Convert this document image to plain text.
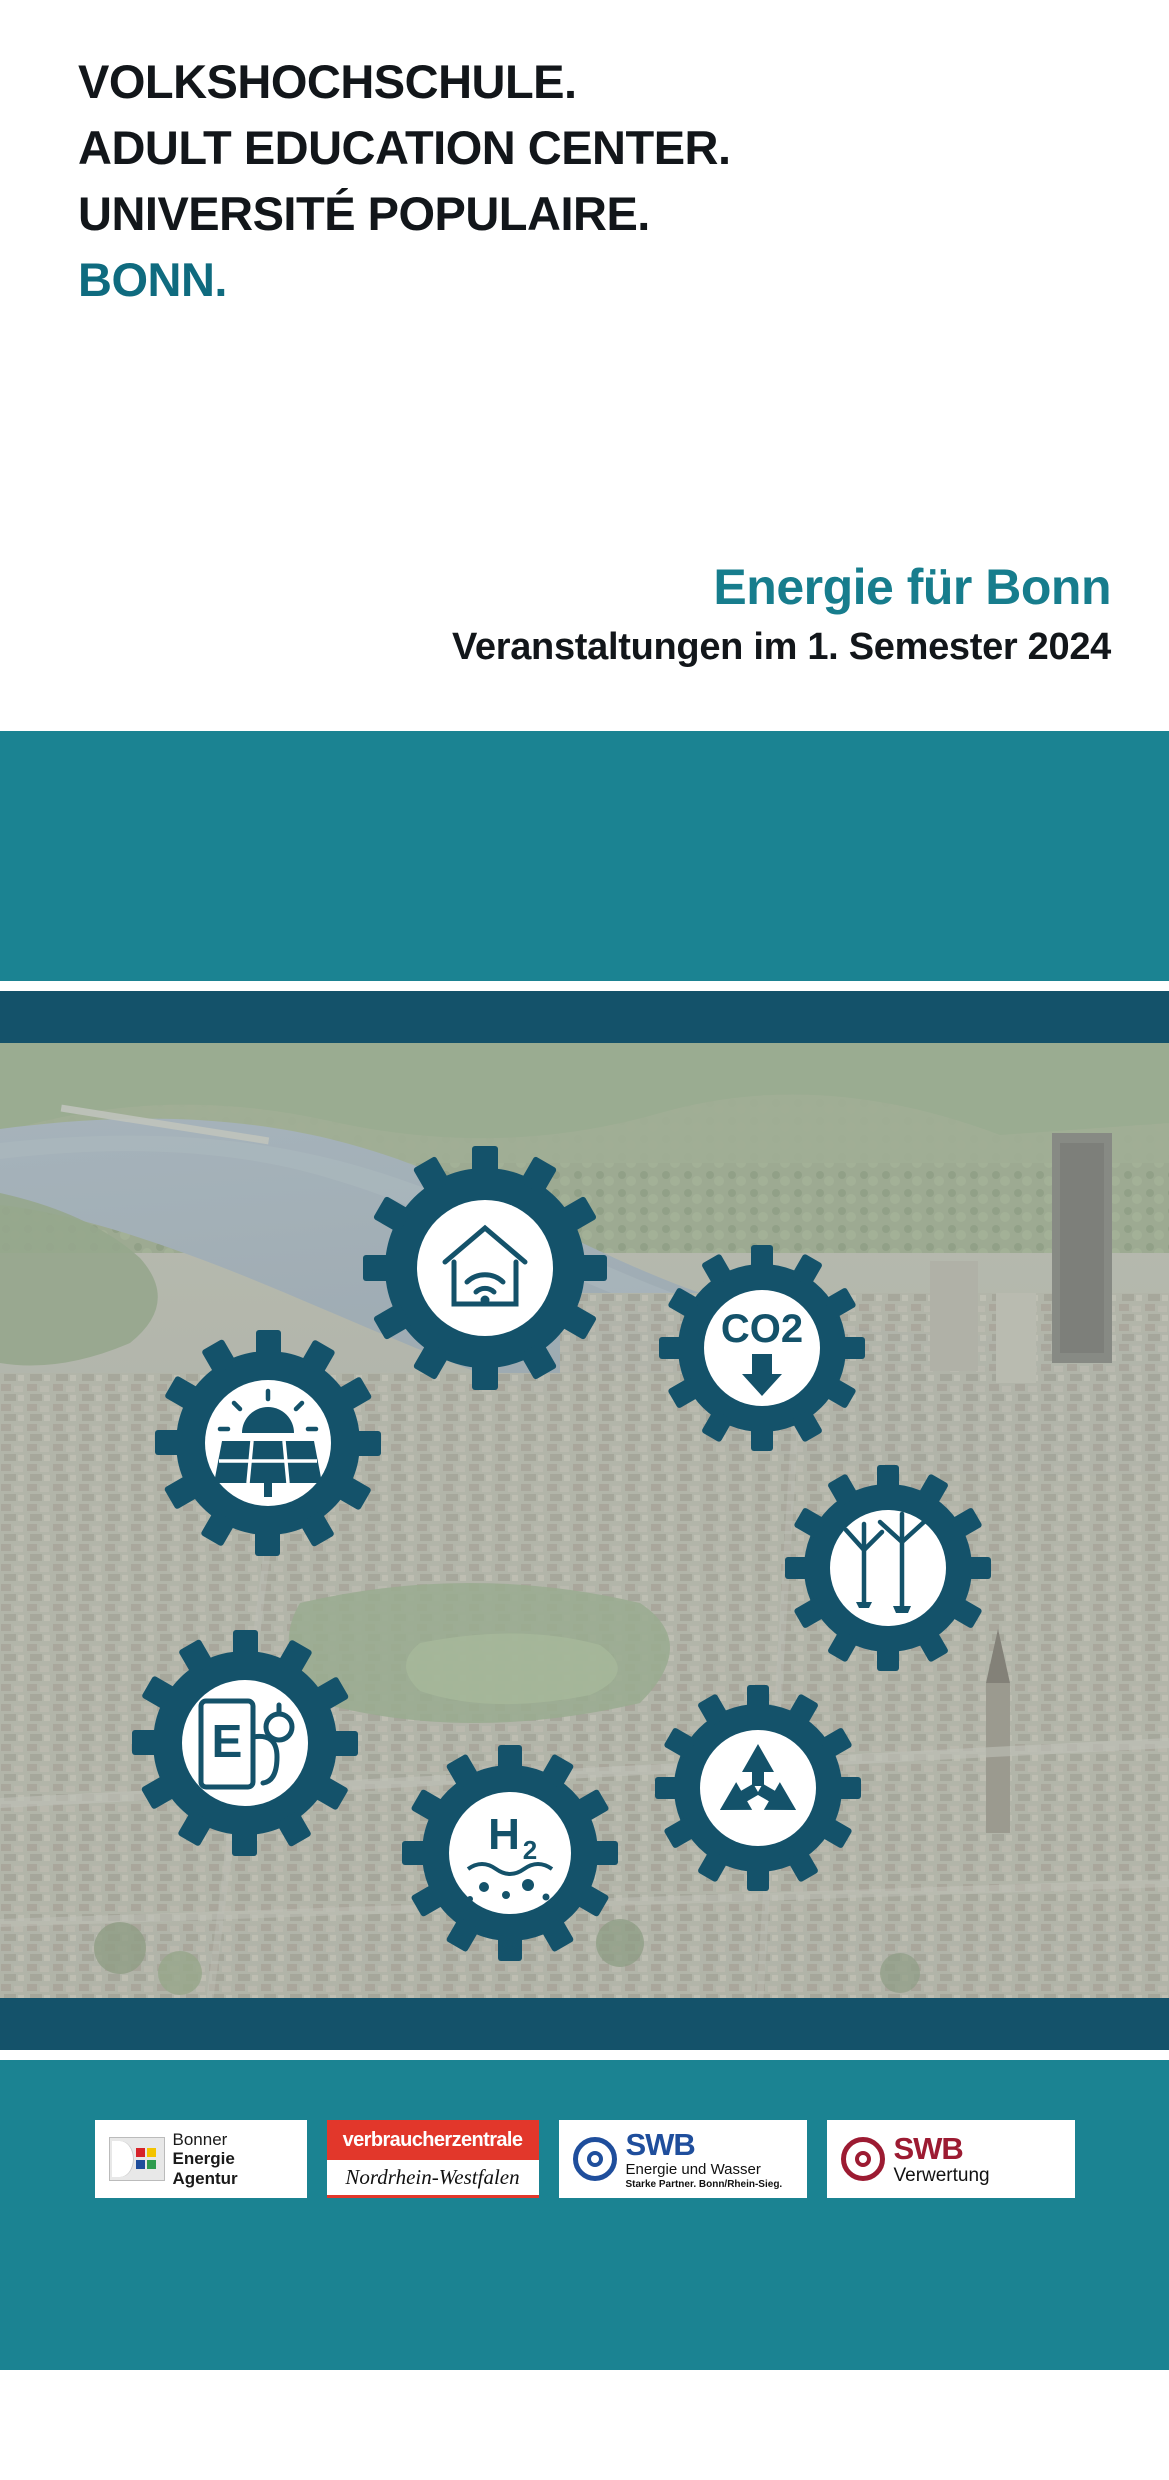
VOLKSHOCHSCHULE.
ADULT EDUCATION CENTER.
UNIVERSITÉ POPULAIRE.
BONN.
Energie für Bonn
Veranstaltungen im 1. Semester 2024
CO2
H 2
E
Bonner
Energie Agentur
verbraucherzentrale
Nordrhein-Westfalen
SWB
Energie und Wasser
Starke Partner. Bonn/Rhein-Sieg.
SWB
Verwertung
